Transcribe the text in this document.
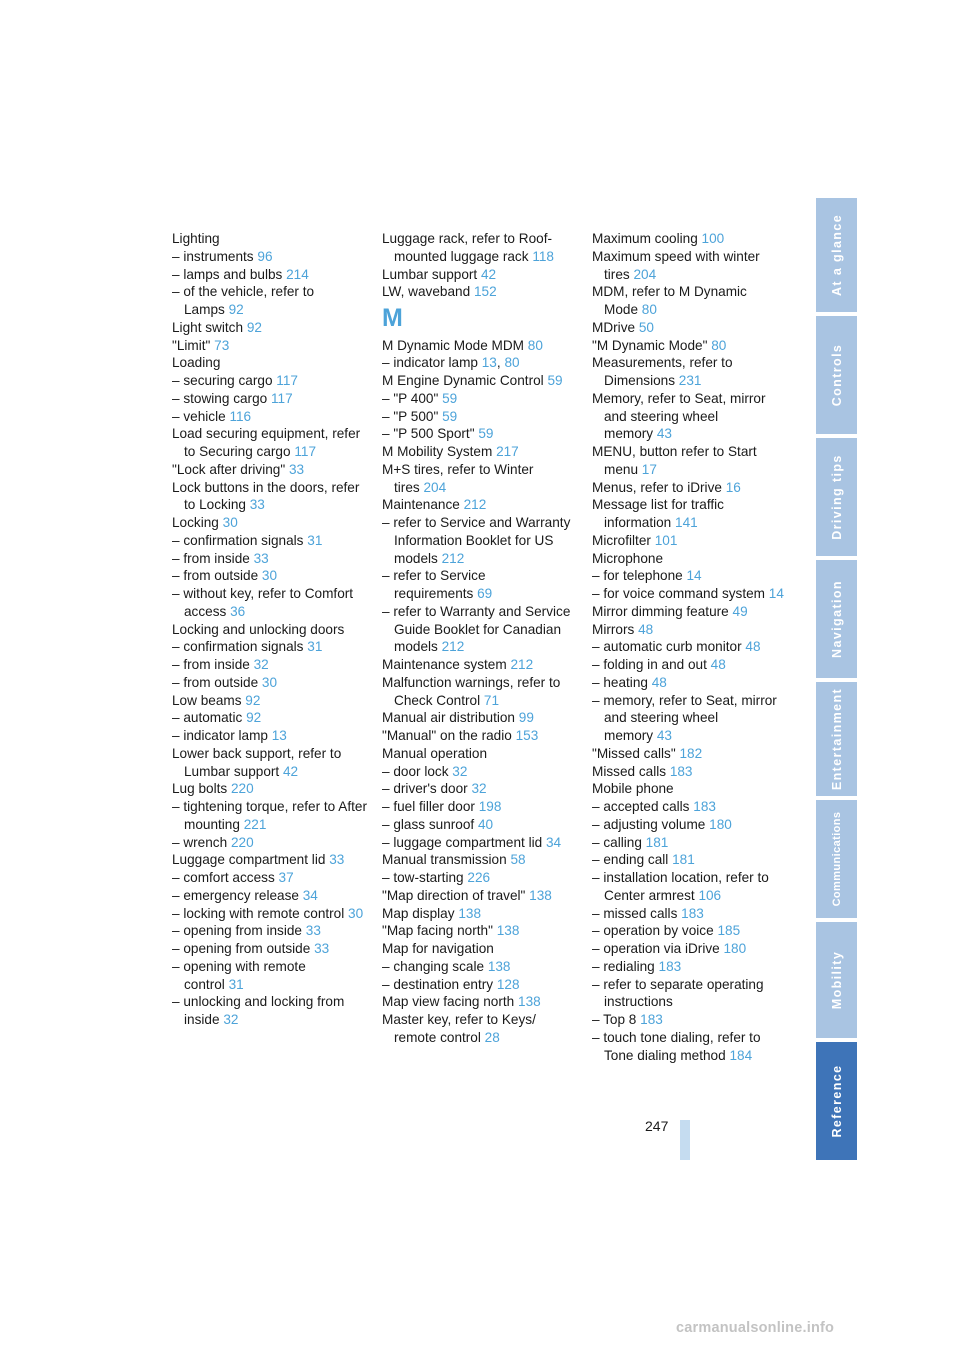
Lighting
– instruments 96
– lamps and bulbs 214
– of the vehicle, refer to Lamps 92
Light switch 92
"Limit" 73
Loading
– securing cargo 117
– stowing cargo 117
– vehicle 116
Load securing equipment, refer to Securing cargo 117
"Lock after driving" 33
Lock buttons in the doors, refer to Locking 33
Locking 30
– confirmation signals 31
– from inside 33
– from outside 30
– without key, refer to Comfort access 36
Locking and unlocking doors
– confirmation signals 31
– from inside 32
– from outside 30
Low beams 92
– automatic 92
– indicator lamp 13
Lower back support, refer to Lumbar support 42
Lug bolts 220
– tightening torque, refer to After mounting 221
– wrench 220
Luggage compartment lid 33
– comfort access 37
– emergency release 34
– locking with remote control 30
– opening from inside 33
– opening from outside 33
– opening with remote control 31
– unlocking and locking from inside 32
Luggage rack, refer to Roof-mounted luggage rack 118
Lumbar support 42
LW, waveband 152
M
M Dynamic Mode MDM 80
– indicator lamp 13, 80
M Engine Dynamic Control 59
– "P 400" 59
– "P 500" 59
– "P 500 Sport" 59
M Mobility System 217
M+S tires, refer to Winter tires 204
Maintenance 212
– refer to Service and Warranty Information Booklet for US models 212
– refer to Service requirements 69
– refer to Warranty and Service Guide Booklet for Canadian models 212
Maintenance system 212
Malfunction warnings, refer to Check Control 71
Manual air distribution 99
"Manual" on the radio 153
Manual operation
– door lock 32
– driver's door 32
– fuel filler door 198
– glass sunroof 40
– luggage compartment lid 34
Manual transmission 58
– tow-starting 226
"Map direction of travel" 138
Map display 138
"Map facing north" 138
Map for navigation
– changing scale 138
– destination entry 128
Map view facing north 138
Master key, refer to Keys/ remote control 28
Maximum cooling 100
Maximum speed with winter tires 204
MDM, refer to M Dynamic Mode 80
MDrive 50
"M Dynamic Mode" 80
Measurements, refer to Dimensions 231
Memory, refer to Seat, mirror and steering wheel memory 43
MENU, button refer to Start menu 17
Menus, refer to iDrive 16
Message list for traffic information 141
Microfilter 101
Microphone
– for telephone 14
– for voice command system 14
Mirror dimming feature 49
Mirrors 48
– automatic curb monitor 48
– folding in and out 48
– heating 48
– memory, refer to Seat, mirror and steering wheel memory 43
"Missed calls" 182
Missed calls 183
Mobile phone
– accepted calls 183
– adjusting volume 180
– calling 181
– ending call 181
– installation location, refer to Center armrest 106
– missed calls 183
– operation by voice 185
– operation via iDrive 180
– redialing 183
– refer to separate operating instructions
– Top 8 183
– touch tone dialing, refer to Tone dialing method 184
At a glance
Controls
Driving tips
Navigation
Entertainment
Communications
Mobility
Reference
247
carmanualsonline.info
